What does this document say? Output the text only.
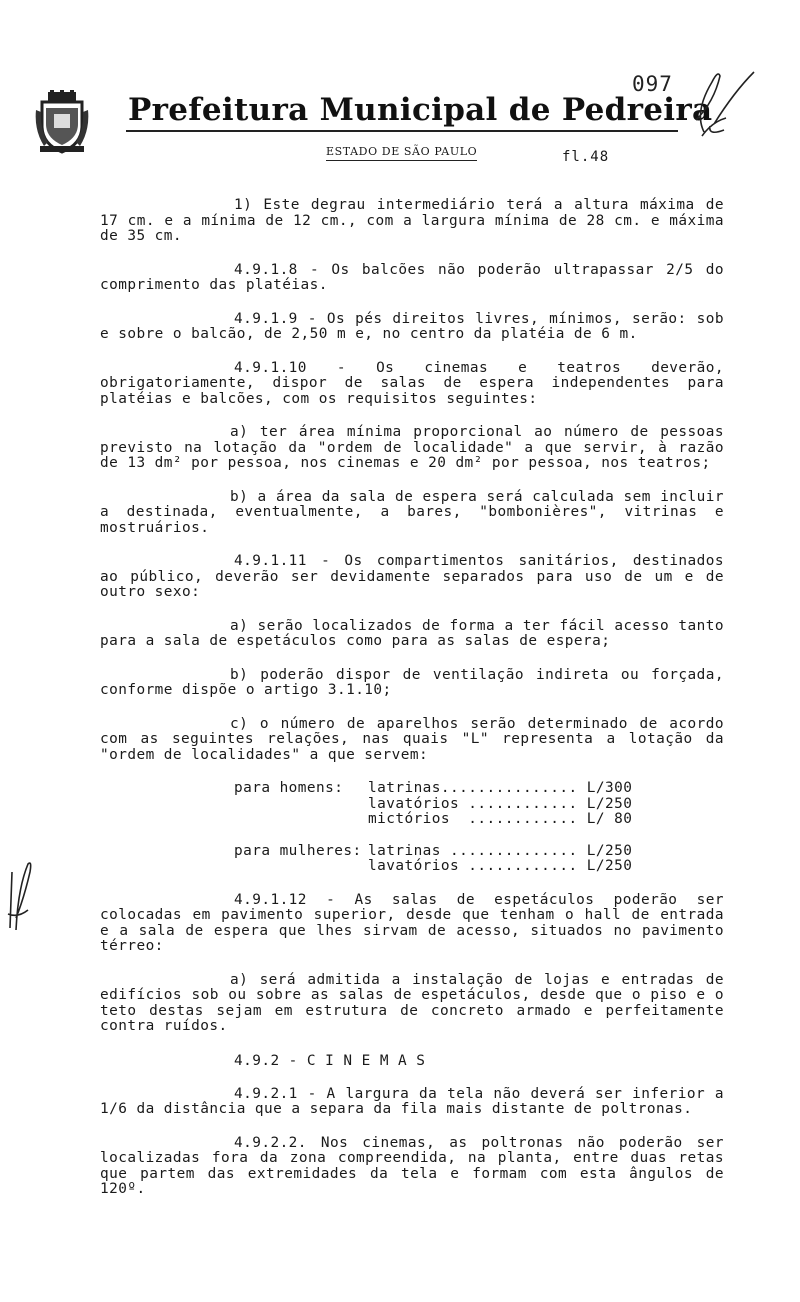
Prefeitura Municipal de Pedreira
ESTADO DE SÃO PAULO	fl.48
097

1) Este degrau intermediário terá a altura máxima de 17 cm. e a mínima de 12 cm., com a largura mínima de 28 cm. e máxima de 35 cm.

4.9.1.8 - Os balcões não poderão ultrapassar 2/5 do comprimento das platéias.

4.9.1.9 - Os pés direitos livres, mínimos, serão: sob e sobre o balcão, de 2,50 m e, no centro da platéia de 6 m.

4.9.1.10 - Os cinemas e teatros deverão, obrigatoriamente, dispor de salas de espera independentes para platéias e balcões, com os requisitos seguintes:

a) ter área mínima proporcional ao número de pessoas previsto na lotação da "ordem de localidade" a que servir, à razão de 13 dm² por pessoa, nos cinemas e 20 dm² por pessoa, nos teatros;

b) a área da sala de espera será calculada sem incluir a destinada, eventualmente, a bares, "bombonières", vitrinas e mostruários.

4.9.1.11 - Os compartimentos sanitários, destinados ao público, deverão ser devidamente separados para uso de um e de outro sexo:

a) serão localizados de forma a ter fácil acesso tanto para a sala de espetáculos como para as salas de espera;

b) poderão dispor de ventilação indireta ou forçada, conforme dispõe o artigo 3.1.10;

c) o número de aparelhos serão determinado de acordo com as seguintes relações, nas quais "L" representa a lotação da "ordem de localidades" a que servem:

para homens:	latrinas ...............
L/300
lavatórios
............
L/250
mictórios
............
L/ 80
para mulheres: latrinas
..............
L/250
lavatórios
............
L/250

4.9.1.12 - As salas de espetáculos poderão ser colocadas em pavimento superior, desde que tenham o hall de entrada e a sala de espera que lhes sirvam de acesso, situados no pavimento térreo:

a) será admitida a instalação de lojas e entradas de edifícios sob ou sobre as salas de espetáculos, desde que o piso e o teto destas sejam em estrutura de concreto armado e perfeitamente contra ruídos.

4.9.2 - C I N E M A S

4.9.2.1 - A largura da tela não deverá ser inferior a 1/6 da distância que a separa da fila mais distante de poltronas.

4.9.2.2. Nos cinemas, as poltronas não poderão ser localizadas fora da zona compreendida, na planta, entre duas retas que partem das extremidades da tela e formam com esta ângulos de 120º.
